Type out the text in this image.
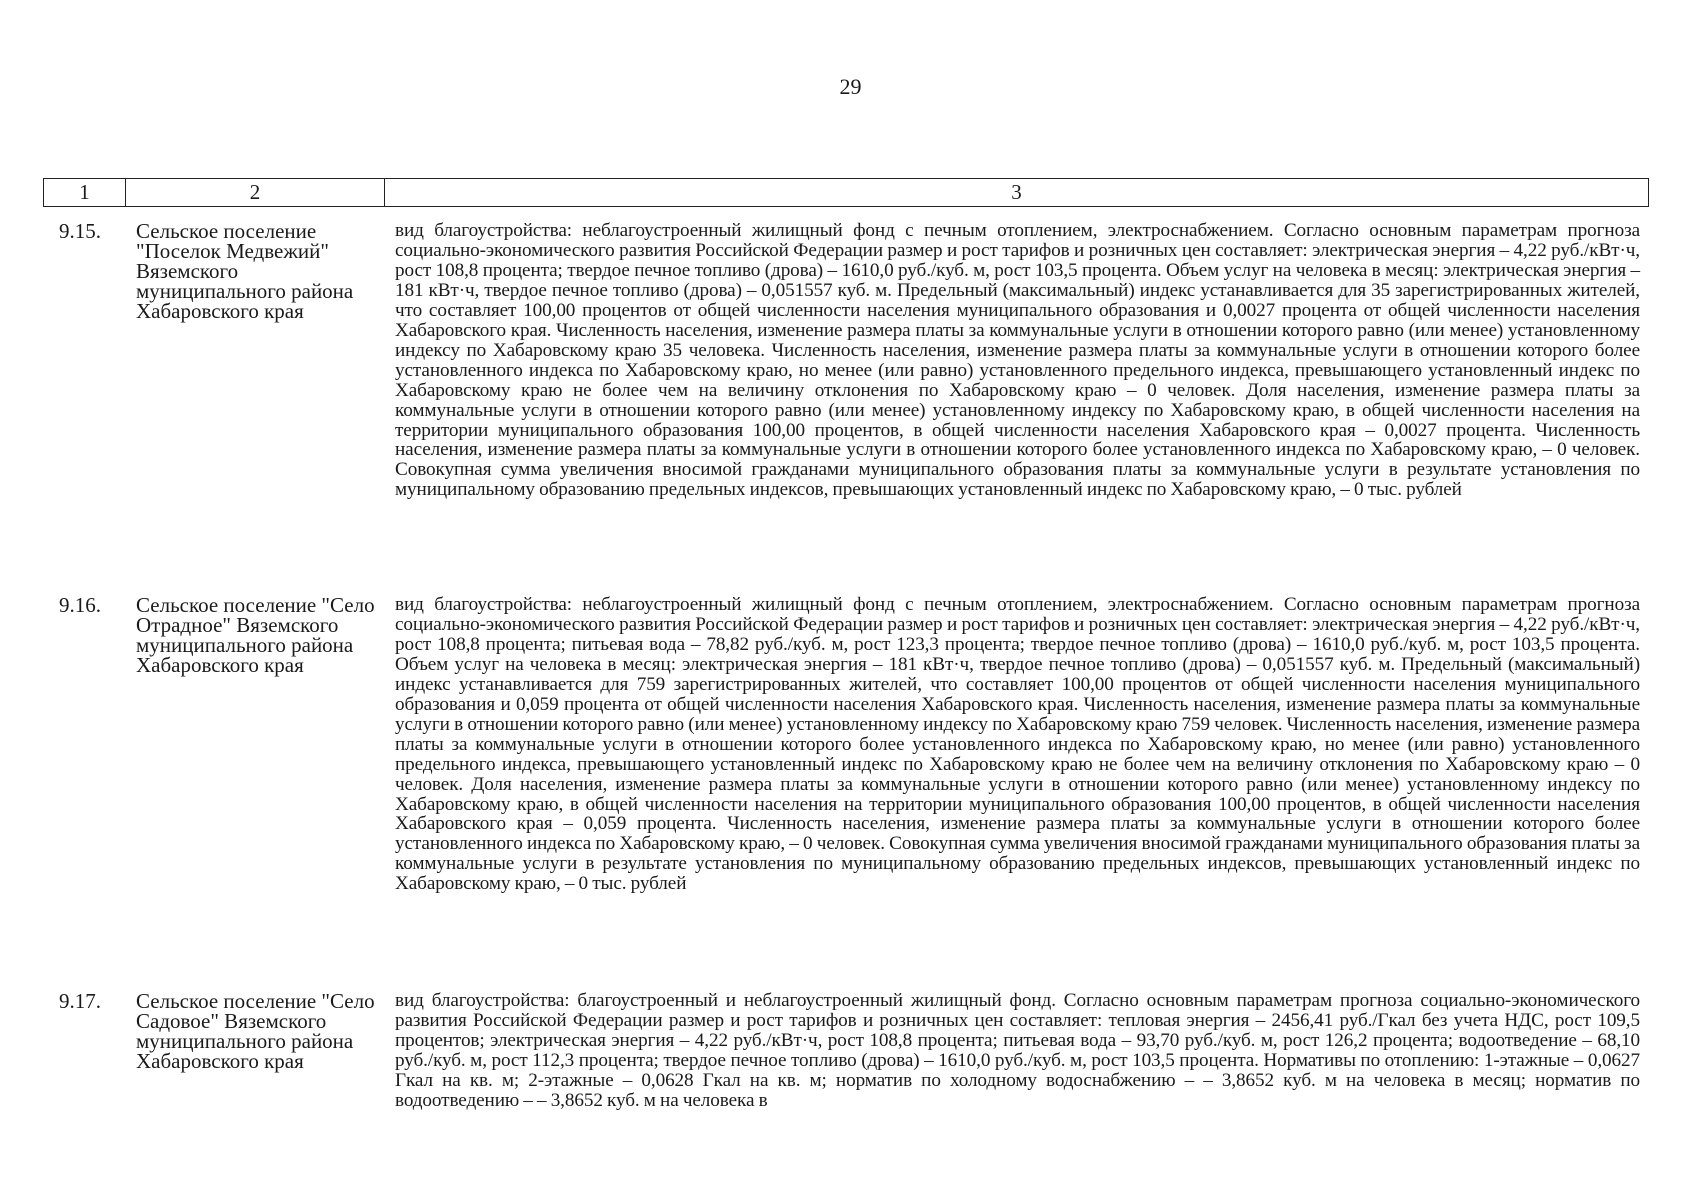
29
1	2	3
9.15. Сельское поселение "Поселок Медвежий" Вяземского муниципального района Хабаровского края
вид благоустройства: неблагоустроенный жилищный фонд с печным отоплением, электроснабжением. Согласно основным параметрам прогноза социально-экономического развития Российской Федерации размер и рост тарифов и розничных цен составляет: электрическая энергия – 4,22 руб./кВт·ч, рост 108,8 процента; твердое печное топливо (дрова) – 1610,0 руб./куб. м, рост 103,5 процента. Объем услуг на человека в месяц: электрическая энергия – 181 кВт·ч, твердое печное топливо (дрова) – 0,051557 куб. м. Предельный (максимальный) индекс устанавливается для 35 зарегистрированных жителей, что составляет 100,00 процентов от общей численности населения муниципального образования и 0,0027 процента от общей численности населения Хабаровского края. Численность населения, изменение размера платы за коммунальные услуги в отношении которого равно (или менее) установленному индексу по Хабаровскому краю 35 человека. Численность населения, изменение размера платы за коммунальные услуги в отношении которого более установленного индекса по Хабаровскому краю, но менее (или равно) установленного предельного индекса, превышающего установленный индекс по Хабаровскому краю не более чем на величину отклонения по Хабаровскому краю – 0 человек. Доля населения, изменение размера платы за коммунальные услуги в отношении которого равно (или менее) установленному индексу по Хабаровскому краю, в общей численности населения на территории муниципального образования 100,00 процентов, в общей численности населения Хабаровского края – 0,0027 процента. Численность населения, изменение размера платы за коммунальные услуги в отношении которого более установленного индекса по Хабаровскому краю, – 0 человек. Совокупная сумма увеличения вносимой гражданами муниципального образования платы за коммунальные услуги в результате установления по муниципальному образованию предельных индексов, превышающих установленный индекс по Хабаровскому краю, – 0 тыс. рублей
9.16. Сельское поселение "Село Отрадное" Вяземского муниципального района Хабаровского края
вид благоустройства: неблагоустроенный жилищный фонд с печным отоплением, электроснабжением. Согласно основным параметрам прогноза социально-экономического развития Российской Федерации размер и рост тарифов и розничных цен составляет: электрическая энергия – 4,22 руб./кВт·ч, рост 108,8 процента; питьевая вода – 78,82 руб./куб. м, рост 123,3 процента; твердое печное топливо (дрова) – 1610,0 руб./куб. м, рост 103,5 процента. Объем услуг на человека в месяц: электрическая энергия – 181 кВт·ч, твердое печное топливо (дрова) – 0,051557 куб. м. Предельный (максимальный) индекс устанавливается для 759 зарегистрированных жителей, что составляет 100,00 процентов от общей численности населения муниципального образования и 0,059 процента от общей численности населения Хабаровского края. Численность населения, изменение размера платы за коммунальные услуги в отношении которого равно (или менее) установленному индексу по Хабаровскому краю 759 человек. Численность населения, изменение размера платы за коммунальные услуги в отношении которого более установленного индекса по Хабаровскому краю, но менее (или равно) установленного предельного индекса, превышающего установленный индекс по Хабаровскому краю не более чем на величину отклонения по Хабаровскому краю – 0 человек. Доля населения, изменение размера платы за коммунальные услуги в отношении которого равно (или менее) установленному индексу по Хабаровскому краю, в общей численности населения на территории муниципального образования 100,00 процентов, в общей численности населения Хабаровского края – 0,059 процента. Численность населения, изменение размера платы за коммунальные услуги в отношении которого более установленного индекса по Хабаровскому краю, – 0 человек. Совокупная сумма увеличения вносимой гражданами муниципального образования платы за коммунальные услуги в результате установления по муниципальному образованию предельных индексов, превышающих установленный индекс по Хабаровскому краю, – 0 тыс. рублей
9.17. Сельское поселение "Село Садовое" Вяземского муниципального района Хабаровского края
вид благоустройства: благоустроенный и неблагоустроенный жилищный фонд. Согласно основным параметрам прогноза социально-экономического развития Российской Федерации размер и рост тарифов и розничных цен составляет: тепловая энергия – 2456,41 руб./Гкал без учета НДС, рост 109,5 процентов; электрическая энергия – 4,22 руб./кВт·ч, рост 108,8 процента; питьевая вода – 93,70 руб./куб. м, рост 126,2 процента; водоотведение – 68,10 руб./куб. м, рост 112,3 процента; твердое печное топливо (дрова) – 1610,0 руб./куб. м, рост 103,5 процента. Нормативы по отоплению: 1-этажные – 0,0627 Гкал на кв. м; 2-этажные – 0,0628 Гкал на кв. м; норматив по холодному водоснабжению – – 3,8652 куб. м на человека в месяц; норматив по водоотведению – – 3,8652 куб. м на человека в
